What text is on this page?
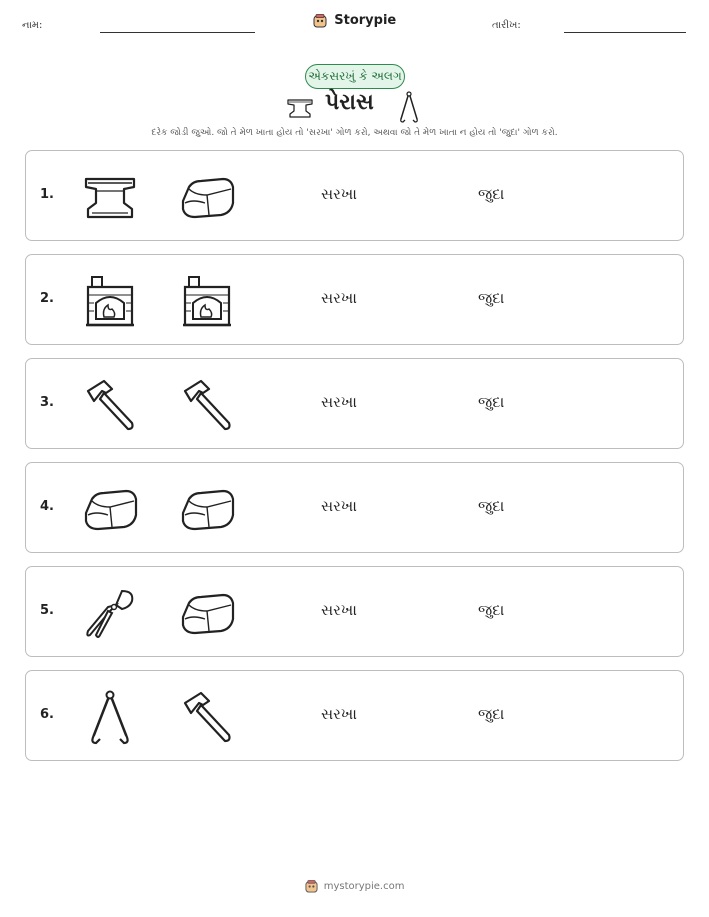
નામ:	Storypie	તારીખ:
એકસરખું કે અલગ
પેરાસ
દરેક જોડી જુઓ. જો તે મેળ ખાતા હોય તો 'સરખા' ગોળ કરો, અથવા જો તે મેળ ખાતા ન હોય તો 'જુદા' ગોળ કરો.
1.	સરખા	જુદા
2.	સરખા	જુદા
3.	સરખા	જુદા
4.	સરખા	જુદા
5.	સરખા	જુદા
6.	સરખા	જુદા
mystorypie.com
